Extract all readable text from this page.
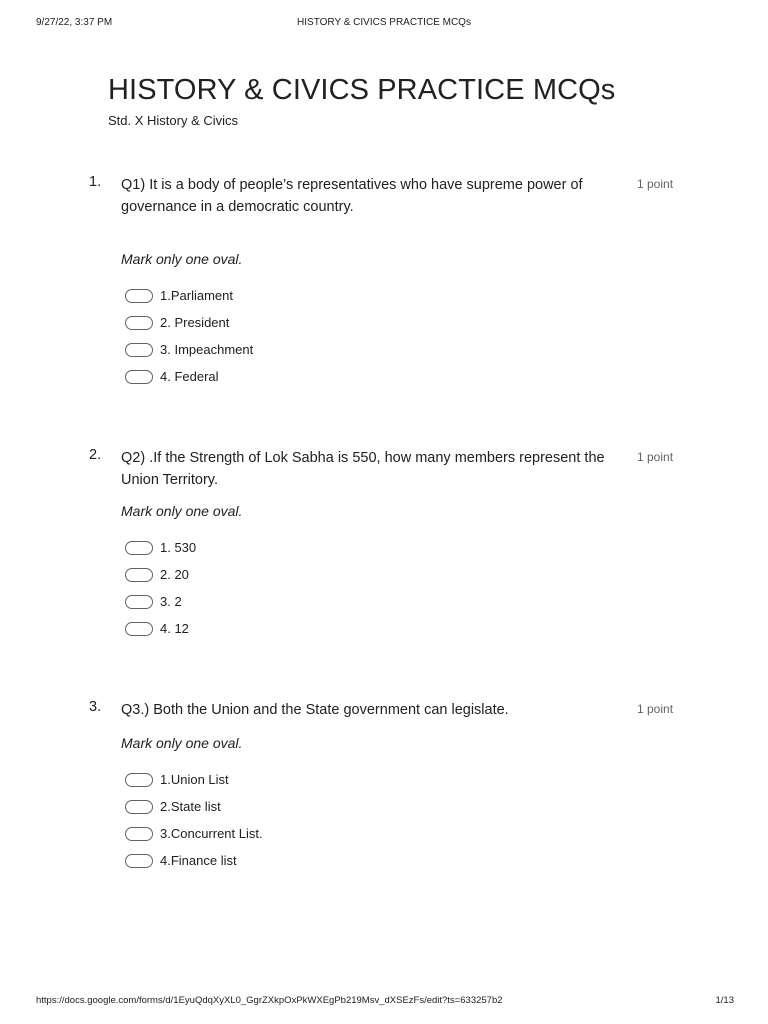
9/27/22, 3:37 PM	HISTORY & CIVICS PRACTICE MCQs
HISTORY & CIVICS PRACTICE MCQs
Std. X History & Civics
1. Q1) It is a body of people’s representatives who have supreme power of governance in a democratic country.
1 point
Mark only one oval.
1.Parliament
2. President
3. Impeachment
4. Federal
2. Q2) .If the Strength of Lok Sabha is 550, how many members represent the Union Territory.
1 point
Mark only one oval.
1. 530
2. 20
3. 2
4. 12
3. Q3.) Both the Union and the State government can legislate.	1 point
Mark only one oval.
1.Union List
2.State list
3.Concurrent List.
4.Finance list
https://docs.google.com/forms/d/1EyuQdqXyXL0_GgrZXkpOxPkWXEgPb219Msv_dXSEzFs/edit?ts=633257b2	1/13
